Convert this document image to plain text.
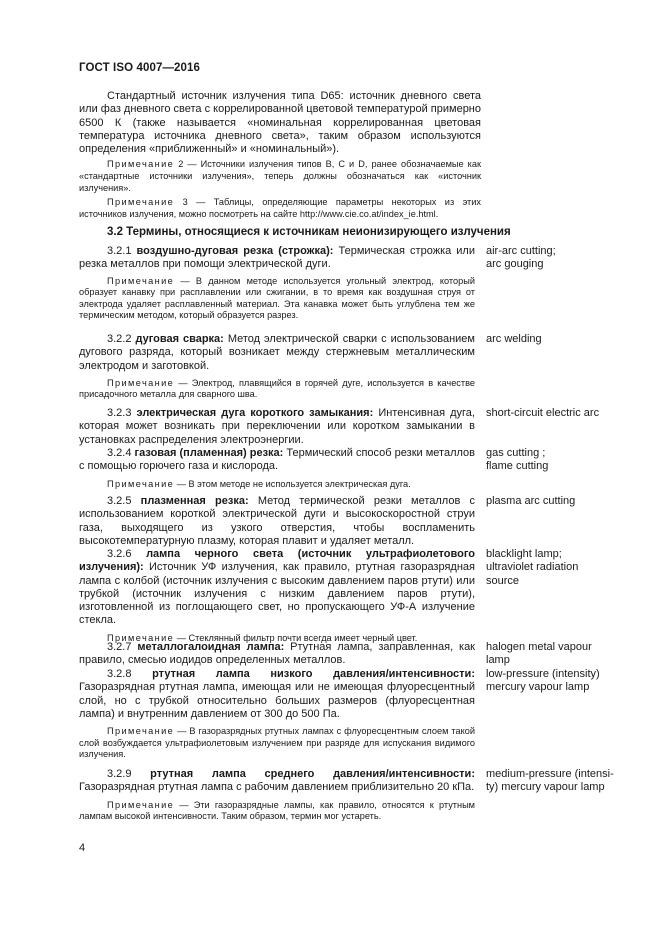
ГОСТ ISO 4007—2016

Стандартный источник излучения типа D65: источник дневного света или фаз дневного света с коррелированной цветовой температурой примерно 6500 К (также называется «номинальная коррелированная цветовая температура источника дневного света», таким образом используются определения «приближенный» и «номинальный»).

Примечание 2 — Источники излучения типов B, C и D, ранее обозначаемые как «стандартные источники излучения», теперь должны обозначаться как «источник излучения».

Примечание 3 — Таблицы, определяющие параметры некоторых из этих источников излучения, можно посмотреть на сайте http://www.cie.co.at/index_ie.html.

3.2 Термины, относящиеся к источникам неионизирующего излучения

3.2.1 воздушно-дуговая резка (строжка): Термическая строжка или резка металлов при помощи электрической дуги.

Примечание — В данном методе используется угольный электрод, который образует канавку при расплавлении или сжигании, в то время как воздушная струя от электрода удаляет расплавленный материал. Эта канавка может быть углублена тем же термическим методом, который образуется разрез.

air-arc cutting;
arc gouging

3.2.2 дуговая сварка: Метод электрической сварки с использованием дугового разряда, который возникает между стержневым металлическим электродом и заготовкой.

Примечание — Электрод, плавящийся в горячей дуге, используется в качестве присадочного металла для сварного шва.

arc welding

3.2.3 электрическая дуга короткого замыкания: Интенсивная дуга, которая может возникать при переключении или коротком замыкании в установках распределения электроэнергии.

short-circuit electric arc

3.2.4 газовая (пламенная) резка: Термический способ резки металлов с помощью горючего газа и кислорода.

Примечание — В этом методе не используется электрическая дуга.

gas cutting ;
flame cutting

3.2.5 плазменная резка: Метод термической резки металлов с использованием короткой электрической дуги и высокоскоростной струи газа, выходящего из узкого отверстия, чтобы воспламенить высокотемпературную плазму, которая плавит и удаляет металл.

plasma arc cutting

3.2.6 лампа черного света (источник ультрафиолетового излучения): Источник УФ излучения, как правило, ртутная газоразрядная лампа с колбой (источник излучения с высоким давлением паров ртути) или трубкой (источник излучения с низким давлением паров ртути), изготовленной из поглощающего свет, но пропускающего УФ-А излучение стекла.

Примечание — Стеклянный фильтр почти всегда имеет черный цвет.

blacklight lamp;
ultraviolet radiation
source

3.2.7 металлогалоидная лампа: Ртутная лампа, заправленная, как правило, смесью иодидов определенных металлов.

halogen metal vapour lamp

3.2.8 ртутная лампа низкого давления/интенсивности: Газоразрядная ртутная лампа, имеющая или не имеющая флуоресцентный слой, но с трубкой относительно больших размеров (флуоресцентная лампа) и внутренним давлением от 300 до 500 Па.

Примечание — В газоразрядных ртутных лампах с флуоресцентным слоем такой слой возбуждается ультрафиолетовым излучением при разряде для испускания видимого излучения.

low-pressure (intensity)
mercury vapour lamp

3.2.9 ртутная лампа среднего давления/интенсивности: Газоразрядная ртутная лампа с рабочим давлением приблизительно 20 кПа.

Примечание — Эти газоразрядные лампы, как правило, относятся к ртутным лампам высокой интенсивности. Таким образом, термин мог устареть.

medium-pressure (intensi-
ty) mercury vapour lamp
4
